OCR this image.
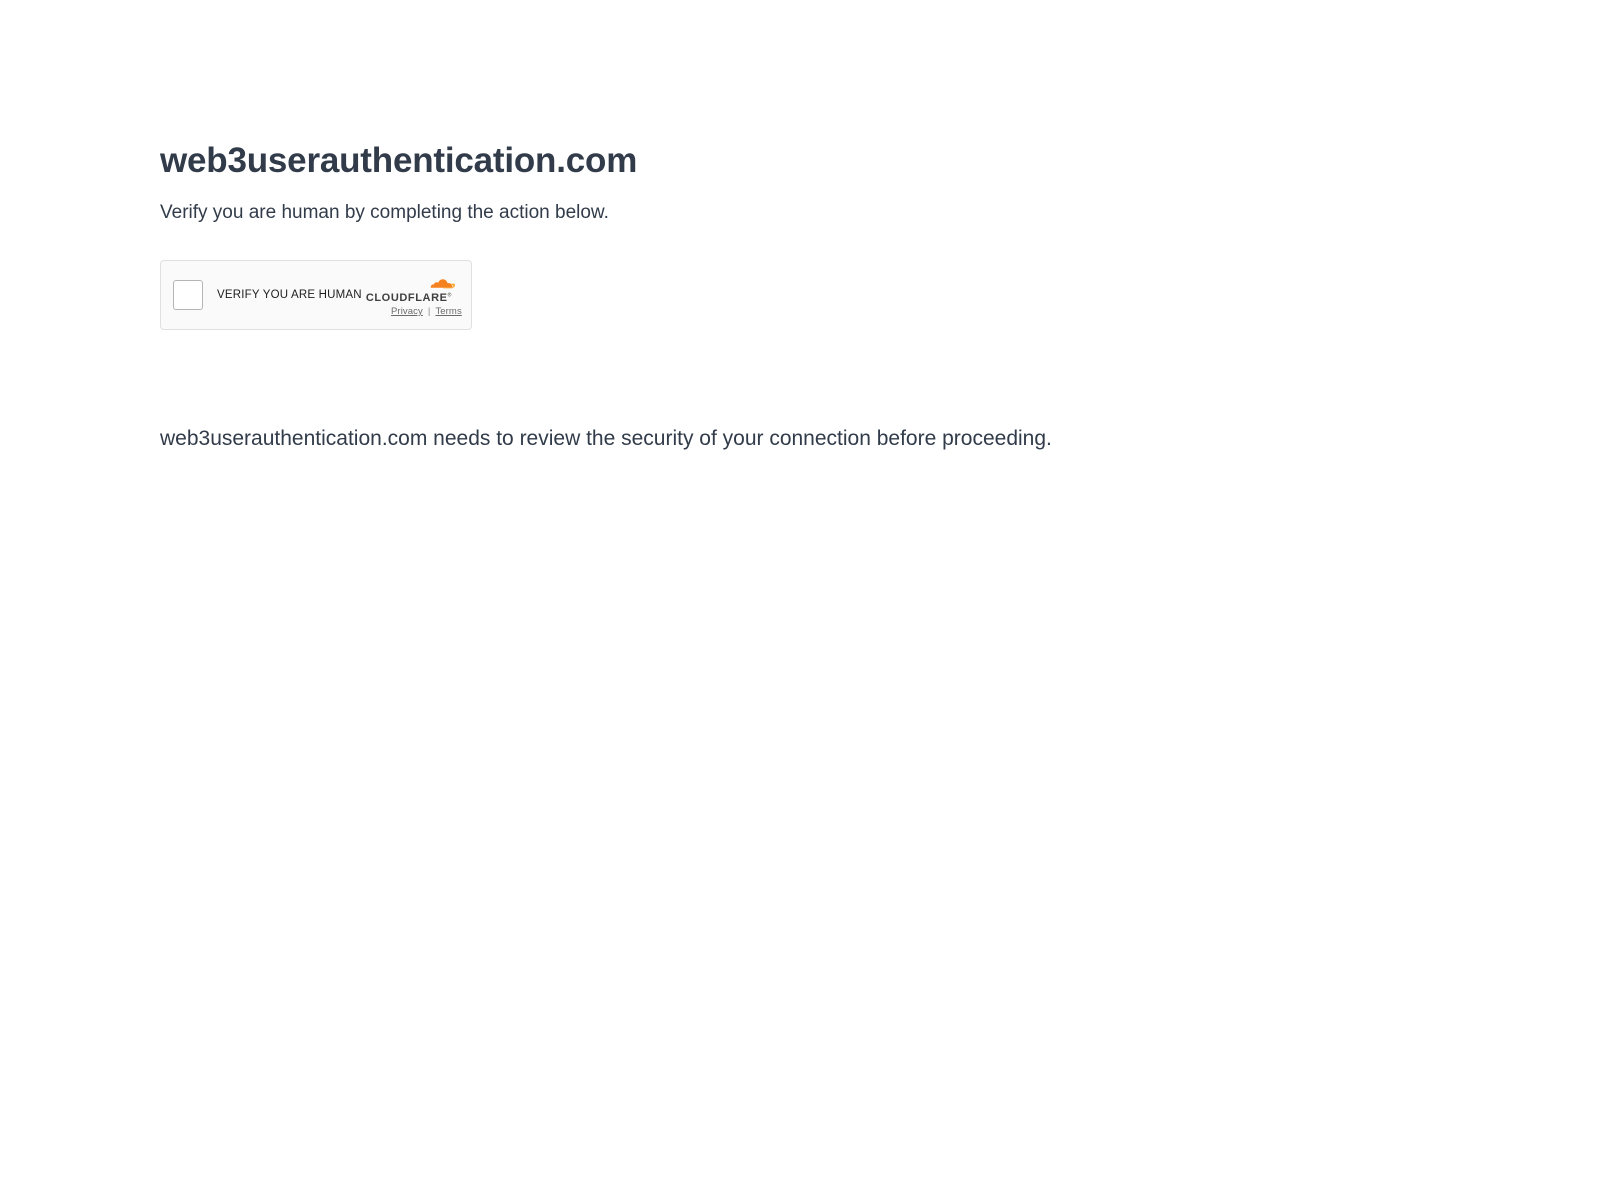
web3userauthentication.com

Verify you are human by completing the action below.

VERIFY YOU ARE HUMAN CLOUDFLARE®
Privacy | Terms
web3userauthentication.com needs to review the security of your connection before proceeding.
